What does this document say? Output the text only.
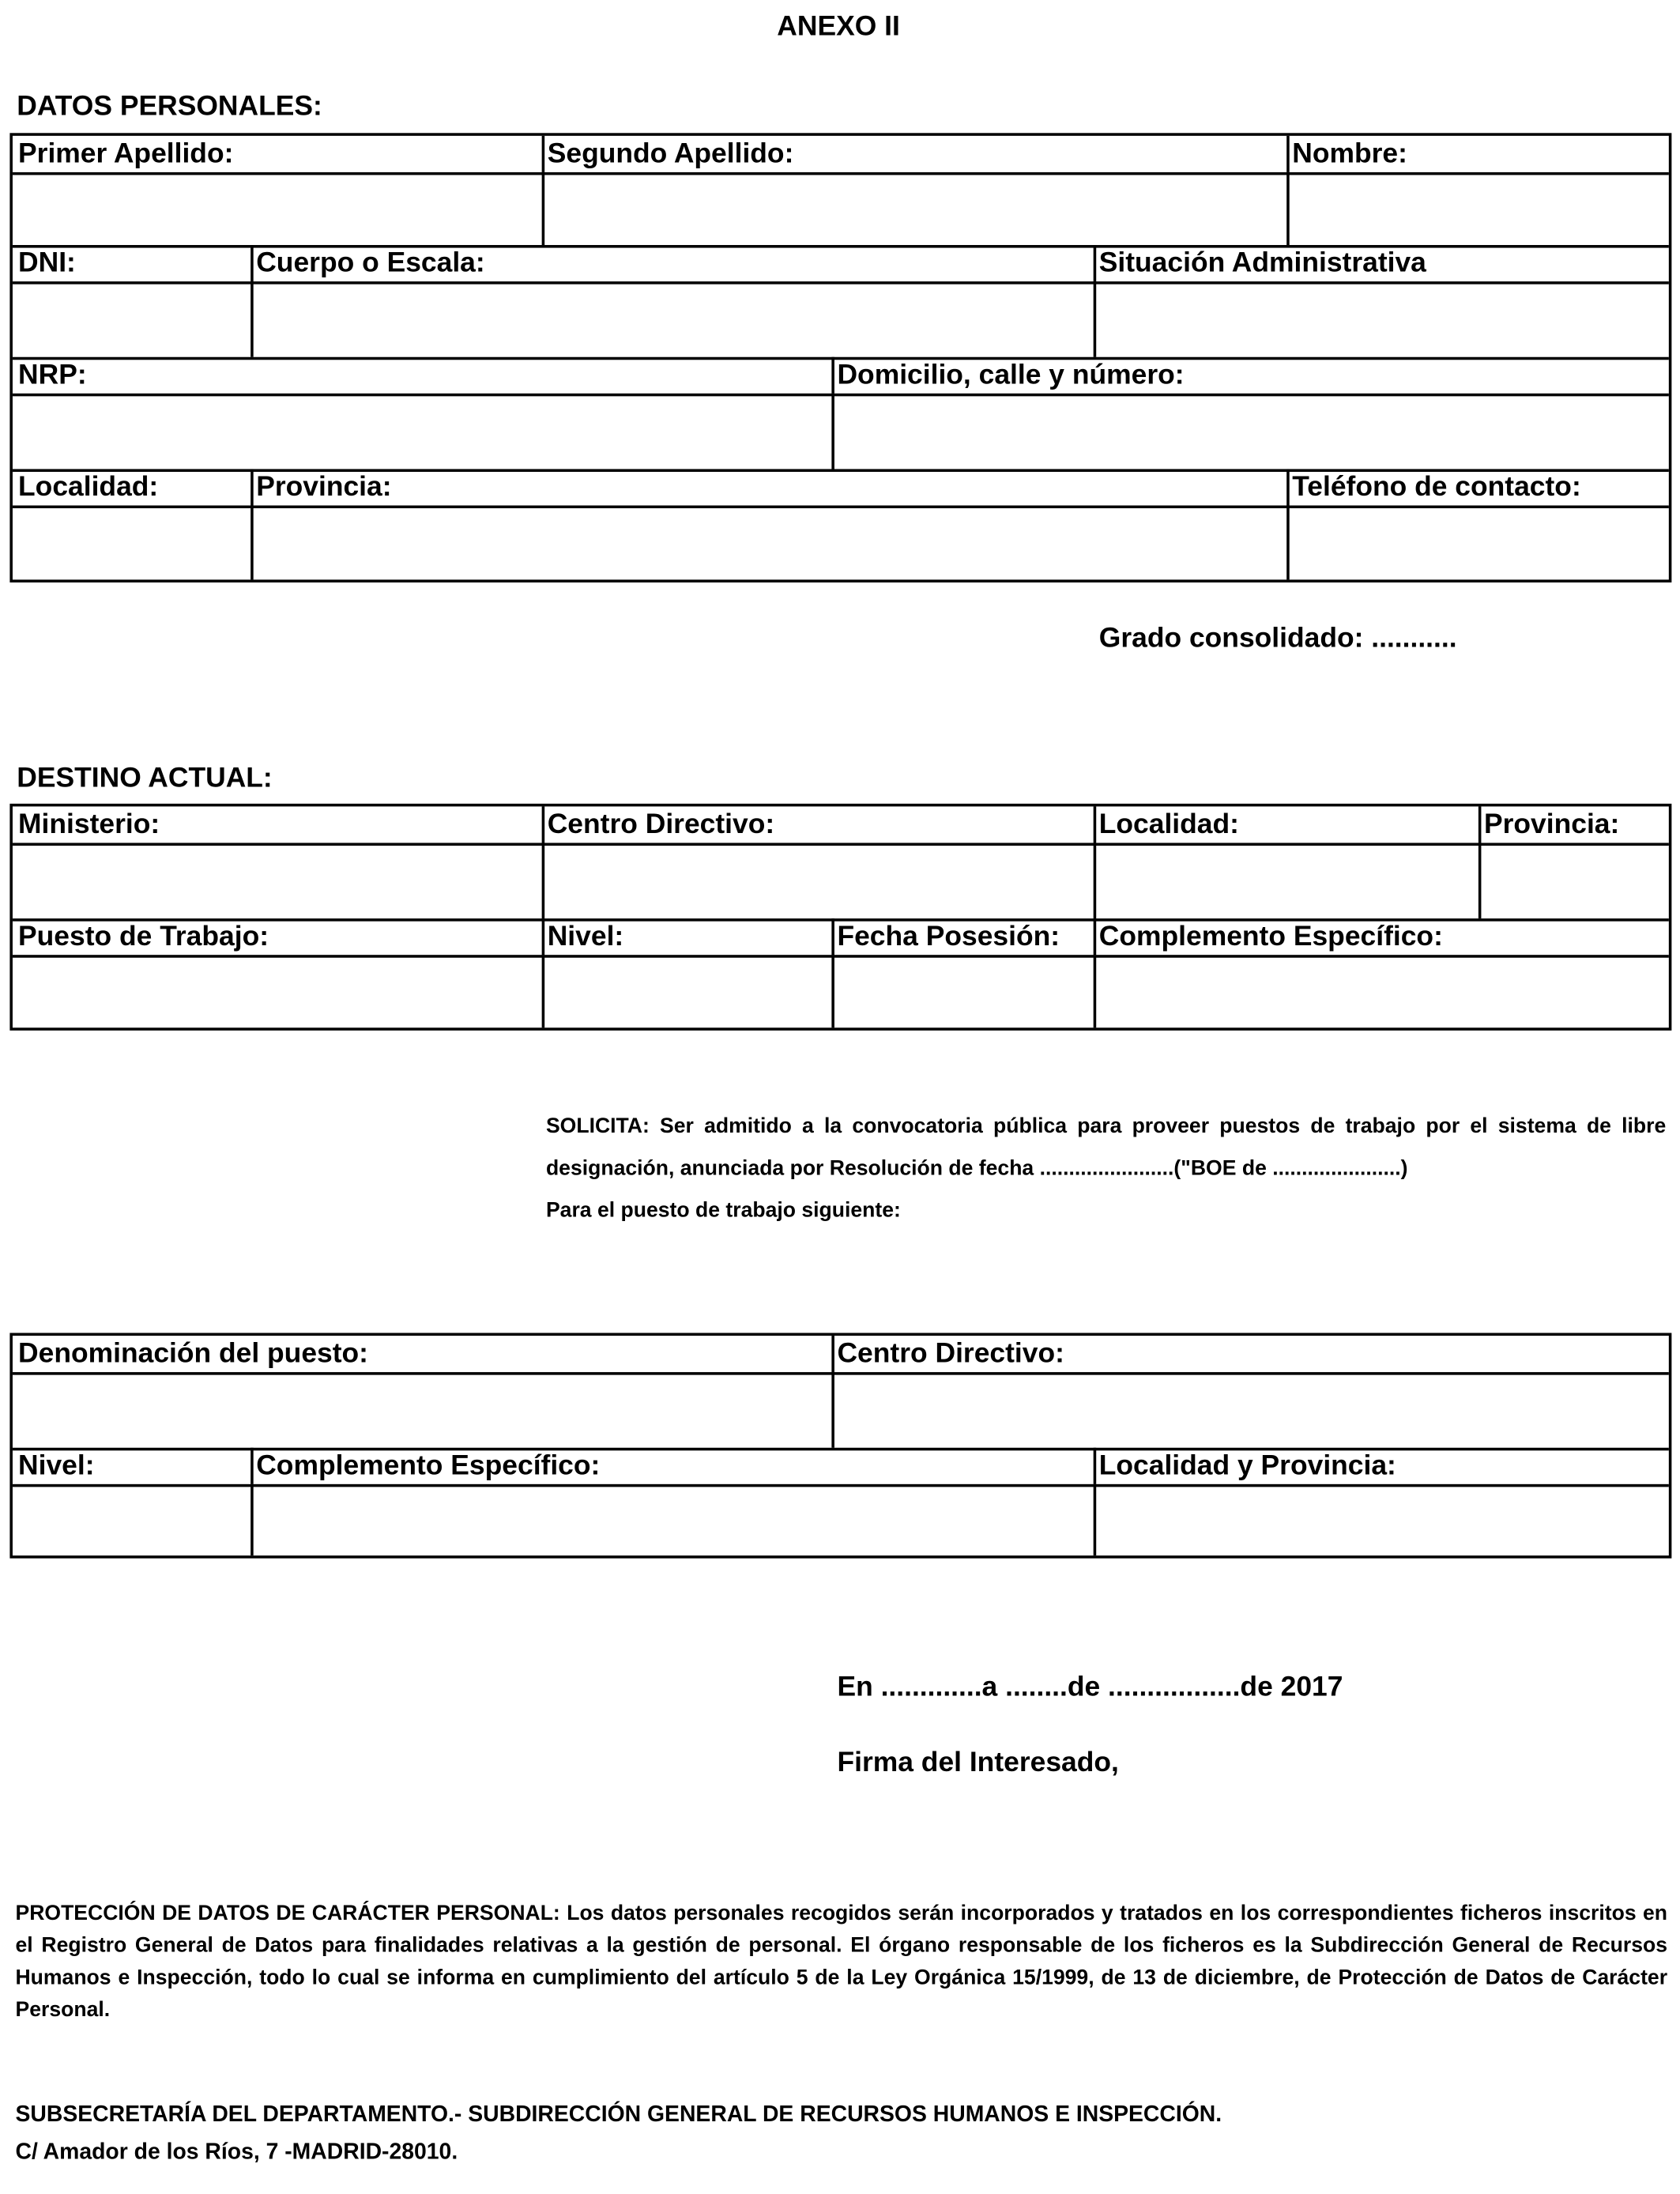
ANEXO II
DATOS PERSONALES:
Primer Apellido:	Segundo Apellido:	Nombre:
DNI:	Cuerpo o Escala:	Situación Administrativa
NRP:	Domicilio, calle y número:
Localidad:	Provincia:	Teléfono de contacto:
Grado consolidado: ...........
DESTINO ACTUAL:
Ministerio:	Centro Directivo:	Localidad:	Provincia:
Puesto de Trabajo:	Nivel:	Fecha Posesión: Complemento Específico:
SOLICITA: Ser admitido a la convocatoria pública para proveer puestos de trabajo por el sistema de libre designación, anunciada por Resolución de fecha .......................("BOE de ......................)
Para el puesto de trabajo siguiente:
Denominación del puesto:	Centro Directivo:
Nivel:	Complemento Específico:	Localidad y Provincia:
En .............a ........de .................de 2017
Firma del Interesado,
PROTECCIÓN DE DATOS DE CARÁCTER PERSONAL: Los datos personales recogidos serán incorporados y tratados en los correspondientes ficheros inscritos en el Registro General de Datos para finalidades relativas a la gestión de personal. El órgano responsable de los ficheros es la Subdirección General de Recursos Humanos e Inspección, todo lo cual se informa en cumplimiento del artículo 5 de la Ley Orgánica 15/1999, de 13 de diciembre, de Protección de Datos de Carácter Personal.
SUBSECRETARÍA DEL DEPARTAMENTO.- SUBDIRECCIÓN GENERAL DE RECURSOS HUMANOS E INSPECCIÓN.
C/ Amador de los Ríos, 7 -MADRID-28010.
